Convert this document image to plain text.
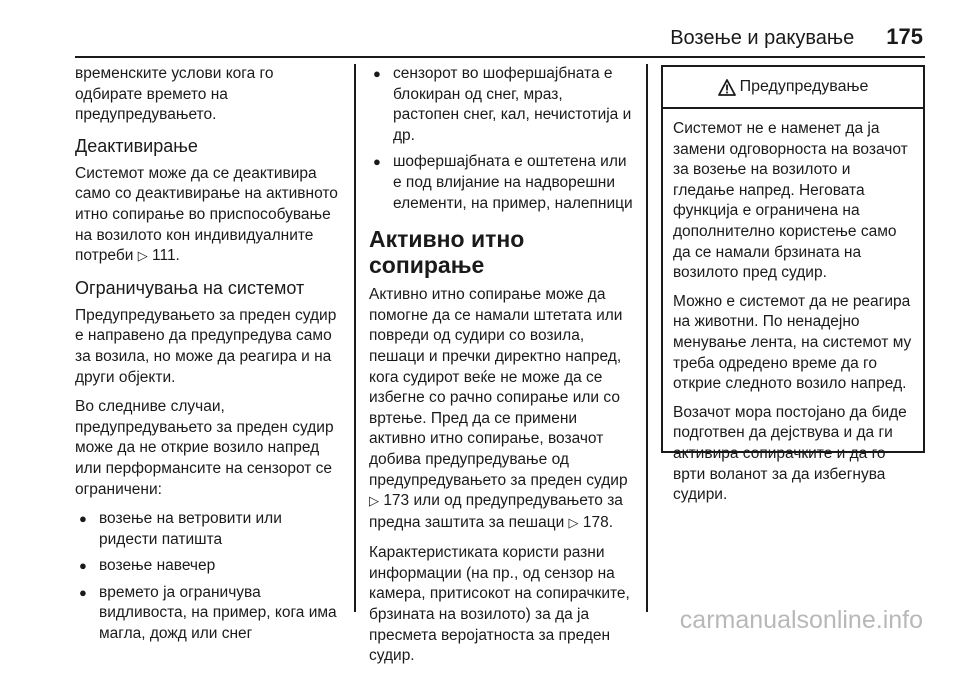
Возење и ракување 175

временските услови кога го одбирате времето на предупредувањето.

Деактивирање

Системот може да се деактивира само со деактивирање на активното итно сопирање во приспособување на возилото кон индивидуалните потреби ▷ 111.

Ограничувања на системот

Предупредувањето за преден судир е направено да предупредува само за возила, но може да реагира и на други објекти.

Во следниве случаи, предупредувањето за преден судир може да не открие возило напред или перформансите на сензорот се ограничени:

● возење на ветровити или ридести патишта
● возење навечер
● времето ја ограничува видливоста, на пример, кога има магла, дожд или снег
● сензорот во шофершајбната е блокиран од снег, мраз, растопен снег, кал, нечистотија и др.
● шофершајбната е оштетена или е под влијание на надворешни елементи, на пример, налепници
Активно итно сопирање

Активно итно сопирање може да помогне да се намали штетата или повреди од судири со возила, пешаци и пречки директно напред, кога судирот веќе не може да се избегне со рачно сопирање или со вртење. Пред да се примени активно итно сопирање, возачот добива предупредување од предупредувањето за преден судир ▷ 173 или од предупредувањето за предна заштита за пешаци ▷ 178.

Карактеристиката користи разни информации (на пр., од сензор на камера, притисокот на сопирачките, брзината на возилото) за да ја пресмета веројатноста за преден судир.

Предупредување

Системот не е наменет да ја замени одговорноста на возачот за возење на возилото и гледање напред. Неговата функција е ограничена на дополнително користење само да се намали брзината на возилото пред судир.

Можно е системот да не реагира на животни. По ненадејно менување лента, на системот му треба одредено време да го открие следното возило напред.

Возачот мора постојано да биде подготвен да дејствува и да ги активира сопирачките и да го врти воланот за да избегнува судири.

carmanualsonline.info
